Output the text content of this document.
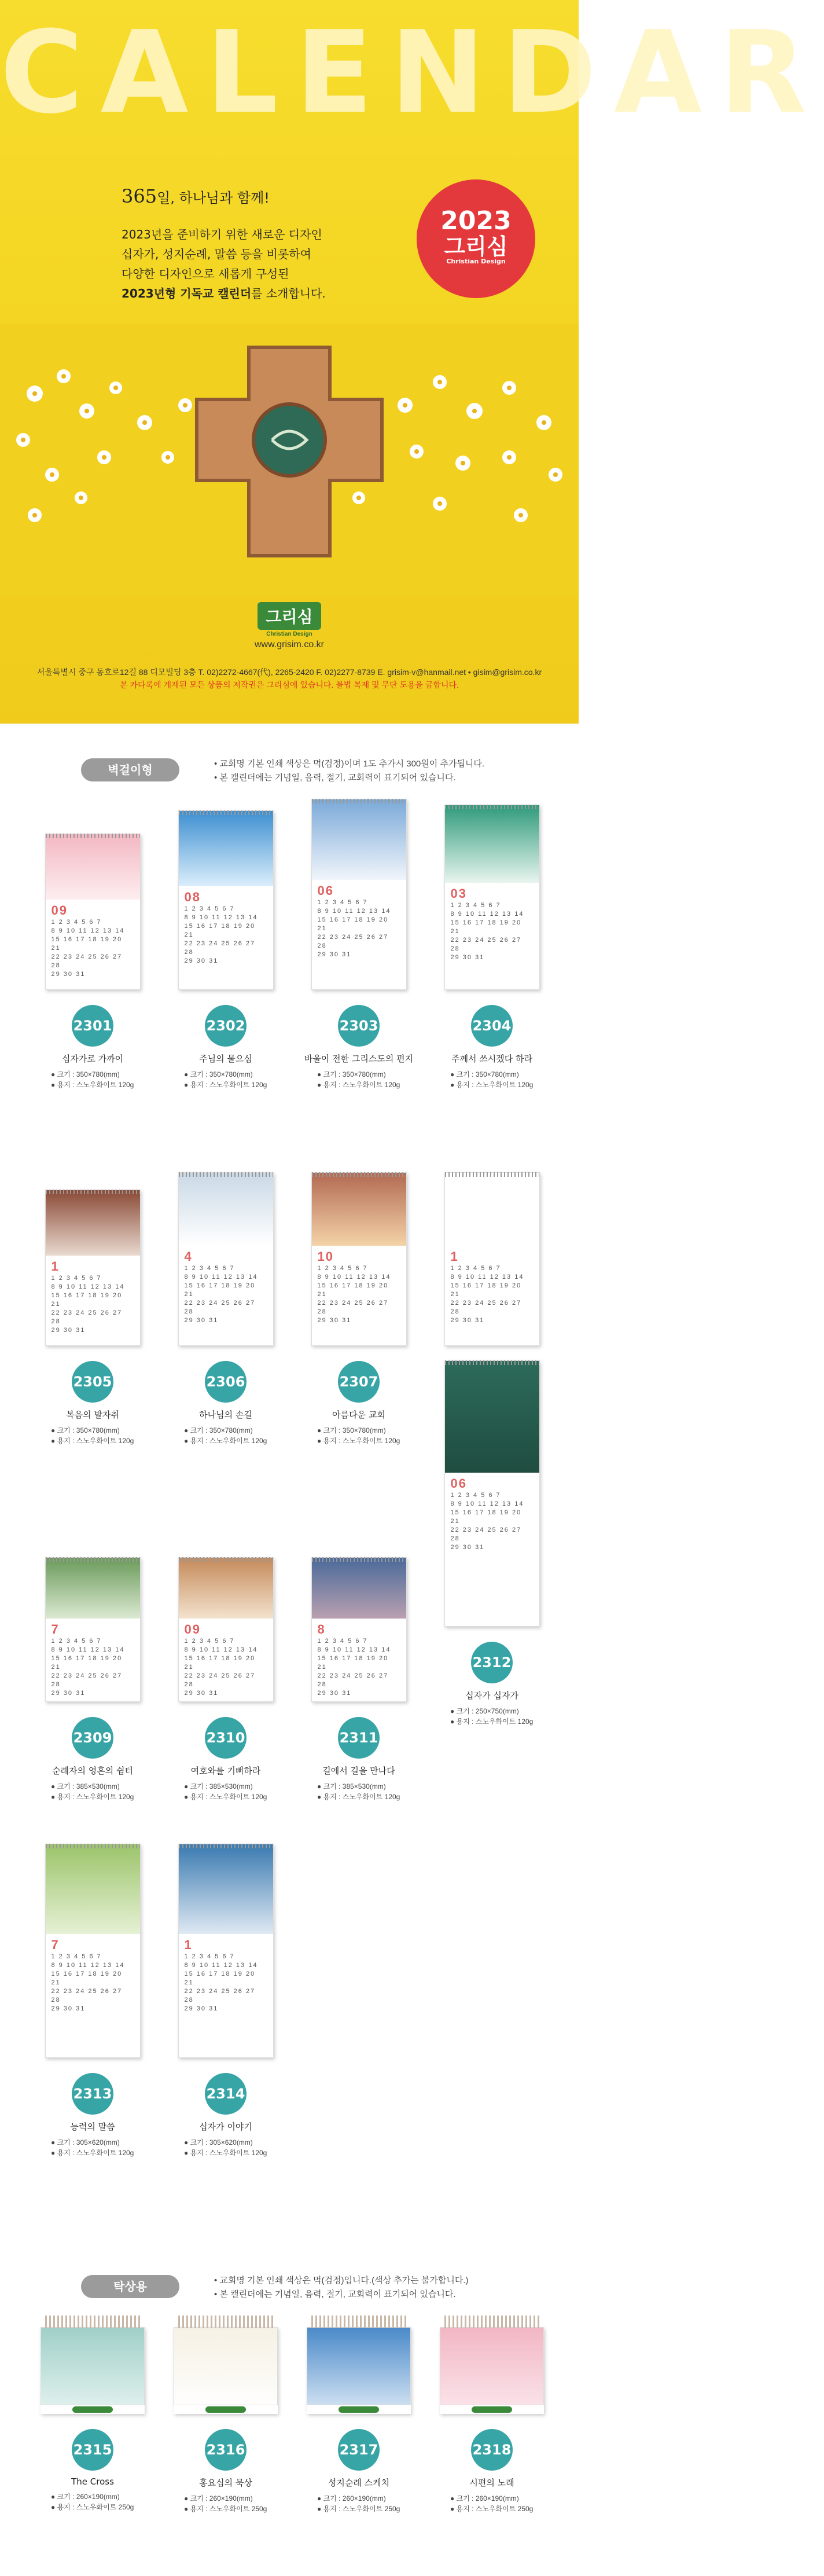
CALENDAR
365일, 하나님과 함께!

2023년을 준비하기 위한 새로운 디자인

십자가, 성지순례, 말씀 등을 비롯하여

다양한 디자인으로 새롭게 구성된

2023년형 기독교 캘린더를 소개합니다.

2023
그리심
Christian Design
그리심
Christian Design
www.grisim.co.kr
서울특별시 중구 동호로12길 88 디모빌딩 3층 T. 02)2272-4667(代), 2265-2420 F. 02)2277-8739 E. grisim-v@hanmail.net • gisim@grisim.co.kr
본 카다록에 게재된 모든 상품의 저작권은 그리심에 있습니다. 불법 복제 및 무단 도용을 금합니다.
벽걸이형	• 교회명 기본 인쇄 색상은 먹(검정)이며 1도 추가시 300원이 추가됩니다.
• 본 캘린더에는 기념일, 음력, 절기, 교회력이 표기되어 있습니다.
09
1 2 3 4 5 6 7
8 9 10 11 12 13 14
15 16 17 18 19 20 21
22 23 24 25 26 27 28
29 30 31
2301
십자가로 가까이
● 크기 : 350×780(mm)
● 용지 : 스노우화이트 120g
08
1 2 3 4 5 6 7
8 9 10 11 12 13 14
15 16 17 18 19 20 21
22 23 24 25 26 27 28
29 30 31
2302
주님의 물으심
● 크기 : 350×780(mm)
● 용지 : 스노우화이트 120g
06
1 2 3 4 5 6 7
8 9 10 11 12 13 14
15 16 17 18 19 20 21
22 23 24 25 26 27 28
29 30 31
2303
바울이 전한 그리스도의 편지
● 크기 : 350×780(mm)
● 용지 : 스노우화이트 120g
03
1 2 3 4 5 6 7
8 9 10 11 12 13 14
15 16 17 18 19 20 21
22 23 24 25 26 27 28
29 30 31
2304
주께서 쓰시겠다 하라
● 크기 : 350×780(mm)
● 용지 : 스노우화이트 120g
1
1 2 3 4 5 6 7
8 9 10 11 12 13 14
15 16 17 18 19 20 21
22 23 24 25 26 27 28
29 30 31
2305
복음의 발자취
● 크기 : 350×780(mm)
● 용지 : 스노우화이트 120g
4
1 2 3 4 5 6 7
8 9 10 11 12 13 14
15 16 17 18 19 20 21
22 23 24 25 26 27 28
29 30 31
2306
하나님의 손길
● 크기 : 350×780(mm)
● 용지 : 스노우화이트 120g
10
1 2 3 4 5 6 7
8 9 10 11 12 13 14
15 16 17 18 19 20 21
22 23 24 25 26 27 28
29 30 31
2307
아름다운 교회
● 크기 : 350×780(mm)
● 용지 : 스노우화이트 120g
1
1 2 3 4 5 6 7
8 9 10 11 12 13 14
15 16 17 18 19 20 21
22 23 24 25 26 27 28
29 30 31
7
1 2 3 4 5 6 7
8 9 10 11 12 13 14
15 16 17 18 19 20 21
22 23 24 25 26 27 28
29 30 31
2309
순례자의 영혼의 쉼터
● 크기 : 385×530(mm)
● 용지 : 스노우화이트 120g
09
1 2 3 4 5 6 7
8 9 10 11 12 13 14
15 16 17 18 19 20 21
22 23 24 25 26 27 28
29 30 31
2310
여호와를 기뻐하라
● 크기 : 385×530(mm)
● 용지 : 스노우화이트 120g
8
1 2 3 4 5 6 7
8 9 10 11 12 13 14
15 16 17 18 19 20 21
22 23 24 25 26 27 28
29 30 31
2311
길에서 길을 만나다
● 크기 : 385×530(mm)
● 용지 : 스노우화이트 120g
06
1 2 3 4 5 6 7
8 9 10 11 12 13 14
15 16 17 18 19 20 21
22 23 24 25 26 27 28
29 30 31
2312
십자가 십자가
● 크기 : 250×750(mm)
● 용지 : 스노우화이트 120g
7
1 2 3 4 5 6 7
8 9 10 11 12 13 14
15 16 17 18 19 20 21
22 23 24 25 26 27 28
29 30 31
2313
능력의 말씀
● 크기 : 305×620(mm)
● 용지 : 스노우화이트 120g
1
1 2 3 4 5 6 7
8 9 10 11 12 13 14
15 16 17 18 19 20 21
22 23 24 25 26 27 28
29 30 31
2314
십자가 이야기
● 크기 : 305×620(mm)
● 용지 : 스노우화이트 120g
탁상용	• 교회명 기본 인쇄 색상은 먹(검정)입니다.(색상 추가는 불가합니다.)
• 본 캘린더에는 기념일, 음력, 절기, 교회력이 표기되어 있습니다.
2315
The Cross
● 크기 : 260×190(mm)
● 용지 : 스노우화이트 250g
2316
홍요십의 묵상
● 크기 : 260×190(mm)
● 용지 : 스노우화이트 250g
2317
성지순례 스케치
● 크기 : 260×190(mm)
● 용지 : 스노우화이트 250g
2318
시편의 노래
● 크기 : 260×190(mm)
● 용지 : 스노우화이트 250g
